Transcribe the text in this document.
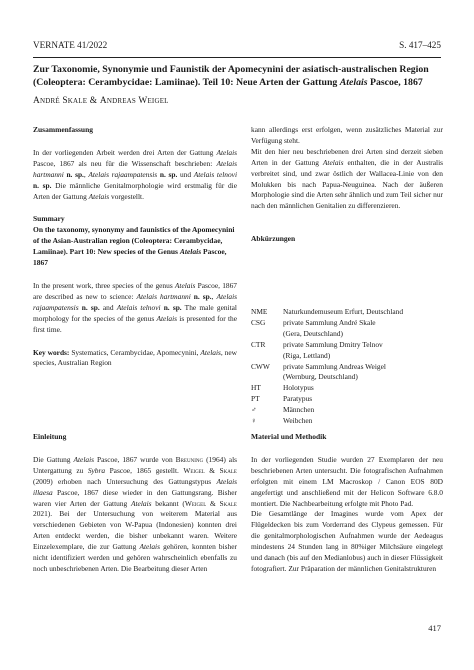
VERNATE 41/2022	S. 417–425
Zur Taxonomie, Synonymie und Faunistik der Apomecynini der asiatisch-australischen Region (Coleoptera: Cerambycidae: Lamiinae). Teil 10: Neue Arten der Gattung Atelais Pascoe, 1867
André Skale & Andreas Weigel

Zusammenfassung

In der vorliegenden Arbeit werden drei Arten der Gattung Atelais Pascoe, 1867 als neu für die Wissenschaft beschrieben: Atelais hartmanni n. sp., Atelais rajaampatensis n. sp. und Atelais telnovi n. sp. Die männliche Genitalmorphologie wird erstmalig für die Arten der Gattung Atelais vorgestellt.

Summary

On the taxonomy, synonymy and faunistics of the Apomecynini of the Asian-Australian region (Coleoptera: Cerambycidae, Lamiinae). Part 10: New species of the Genus Atelais Pascoe, 1867

In the present work, three species of the genus Atelais Pascoe, 1867 are described as new to science: Atelais hartmanni n. sp., Atelais rajaampatensis n. sp. and Atelais telnovi n. sp. The male genital morphology for the species of the genus Atelais is presented for the first time.

Key words: Systematics, Cerambycidae, Apomecynini, Atelais, new species, Australian Region

Einleitung

Die Gattung Atelais Pascoe, 1867 wurde von Breuning (1964) als Untergattung zu Sybra Pascoe, 1865 gestellt. Weigel & Skale (2009) erhoben nach Untersuchung des Gattungstypus Atelais illaesa Pascoe, 1867 diese wieder in den Gattungsrang. Bisher waren vier Arten der Gattung Atelais bekannt (Weigel & Skale 2021). Bei der Untersuchung von weiterem Material aus verschiedenen Gebieten von W-Papua (Indonesien) konnten drei Arten entdeckt werden, die bisher unbekannt waren. Weitere Einzelexemplare, die zur Gattung Atelais gehören, konnten bisher nicht identifiziert werden und gehören wahrscheinlich ebenfalls zu noch unbeschriebenen Arten. Die Bearbeitung dieser Arten

kann allerdings erst erfolgen, wenn zusätzliches Material zur Verfügung steht.

Mit den hier neu beschriebenen drei Arten sind derzeit sieben Arten in der Gattung Atelais enthalten, die in der Australis verbreitet sind, und zwar östlich der Wallacea-Linie von den Molukken bis nach Papua-Neuguinea. Nach der äußeren Morphologie sind die Arten sehr ähnlich und zum Teil sicher nur nach den männlichen Genitalien zu differenzieren.

Abkürzungen

NME	Naturkundemuseum Erfurt, Deutschland
CSG	private Sammlung André Skale
(Gera, Deutschland)
CTR	private Sammlung Dmitry Telnov
(Riga, Lettland)
CWW	private Sammlung Andreas Weigel
(Wernburg, Deutschland)
HT	Holotypus
PT	Paratypus
♂	Männchen
♀	Weibchen

Material und Methodik

In der vorliegenden Studie wurden 27 Exemplaren der neu beschriebenen Arten untersucht. Die fotografischen Aufnahmen erfolgten mit einem LM Macroskop / Canon EOS 80D angefertigt und anschließend mit der Helicon Software 6.8.0 montiert. Die Nachbearbeitung erfolgte mit Photo Pad.

Die Gesamtlänge der Imagines wurde vom Apex der Flügeldecken bis zum Vorderrand des Clypeus gemessen. Für die genitalmorphologischen Aufnahmen wurde der Aedeagus mindestens 24 Stunden lang in 80%iger Milchsäure eingelegt und danach (bis auf den Medianlobus) auch in dieser Flüssigkeit fotografiert. Zur Präparation der männlichen Genitalstrukturen

417
